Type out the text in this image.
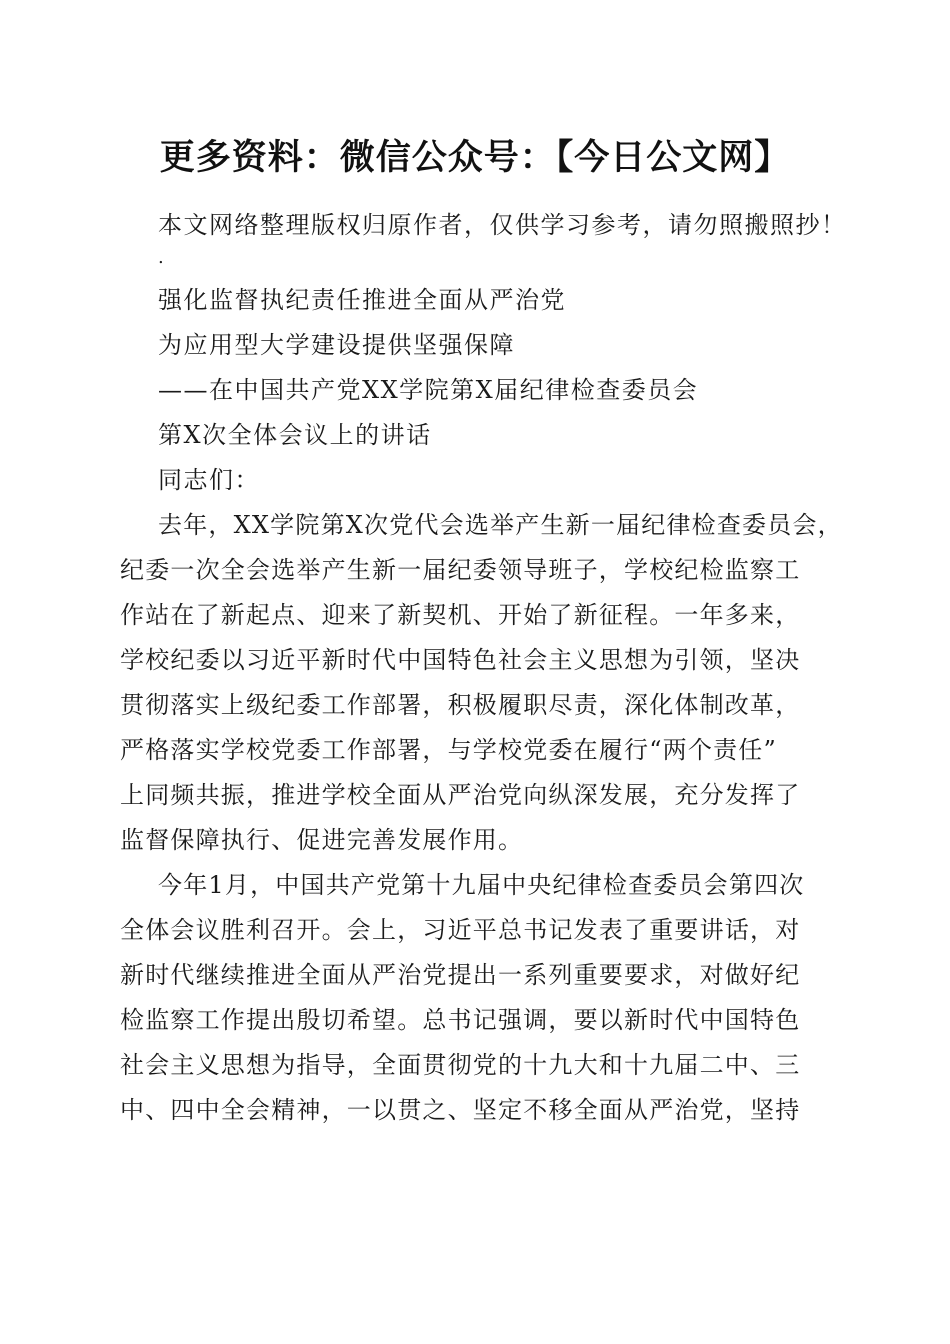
更多资料：微信公众号：【今日公文网】
本文网络整理版权归原作者，仅供学习参考，请勿照搬照抄！
.
强化监督执纪责任推进全面从严治党
为应用型大学建设提供坚强保障
——在中国共产党XX学院第X届纪律检查委员会
第X次全体会议上的讲话
同志们：
去年，XX学院第X次党代会选举产生新一届纪律检查委员会，
纪委一次全会选举产生新一届纪委领导班子，学校纪检监察工
作站在了新起点、迎来了新契机、开始了新征程。一年多来，
学校纪委以习近平新时代中国特色社会主义思想为引领，坚决
贯彻落实上级纪委工作部署，积极履职尽责，深化体制改革，
严格落实学校党委工作部署，与学校党委在履行“两个责任”
上同频共振，推进学校全面从严治党向纵深发展，充分发挥了
监督保障执行、促进完善发展作用。
今年1月，中国共产党第十九届中央纪律检查委员会第四次
全体会议胜利召开。会上，习近平总书记发表了重要讲话，对
新时代继续推进全面从严治党提出一系列重要要求，对做好纪
检监察工作提出殷切希望。总书记强调，要以新时代中国特色
社会主义思想为指导，全面贯彻党的十九大和十九届二中、三
中、四中全会精神，一以贯之、坚定不移全面从严治党，坚持
